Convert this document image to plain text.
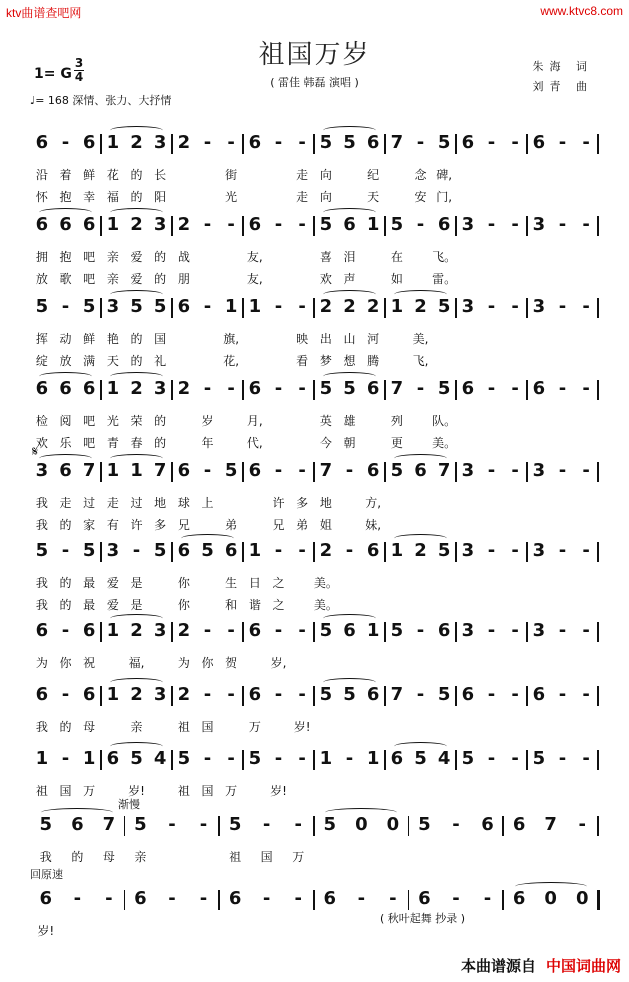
ktv曲谱查吧网	www.ktvc8.com
祖国万岁
( 雷佳 韩磊 演唱 )
朱海 词
刘青 曲
1= G
3
4
♩= 168 深情、张力、大抒情
𝄋
渐慢
回原速
( 秋叶起舞 抄录 )
本曲谱源自 中国词曲网
6 - 6 1 2 3 2 - - 6 - - 5 5 6 7 - 5 6 - - 6 - -
沿 着 鲜 花 的 长	街	走 向	纪	念 碑,
怀 抱 幸 福 的 阳	光	走 向	天	安 门,
6 6 6 1 2 3 2 - - 6 - - 5 6 1 5 - 6 3 - - 3 - -
拥 抱 吧 亲 爱 的 战	友,	喜 泪	在 飞。
放 歌 吧 亲 爱 的 朋	友,	欢 声	如 雷。
5 - 5 3 5 5 6 - 1 1 - - 2 2 2 1 2 5 3 - - 3 - -
挥 动 鲜 艳 的 国	旗,	映 出 山 河	美,
绽 放 满 天 的 礼	花,	看 梦 想 腾	飞,
6 6 6 1 2 3 2 - - 6 - - 5 5 6 7 - 5 6 - - 6 - -
检 阅 吧 光 荣 的	岁	月,	英 雄	列 队。
欢 乐 吧 青 春 的	年	代,	今 朝	更 美。
3 6 7 1 1 7 6 - 5 6 - - 7 - 6 5 6 7 3 - - 3 - -
我 走 过 走 过 地 球 上	许 多 地	方,
我 的 家 有 许 多 兄	弟	兄 弟 姐	妹,
5 - 5 3 - 5 6 5 6 1 - - 2 - 6 1 2 5 3 - - 3 - -
我 的 最 爱 是	你	生 日 之 美。
我 的 最 爱 是	你	和 谐 之 美。
6 - 6 1 2 3 2 - - 6 - - 5 6 1 5 - 6 3 - - 3 - -
为 你 祝	福,	为 你 贺	岁,
6 - 6 1 2 3 2 - - 6 - - 5 5 6 7 - 5 6 - - 6 - -
我 的 母	亲	祖 国	万	岁!
1 - 1 6 5 4 5 - - 5 - - 1 - 1 6 5 4 5 - - 5 - -
祖 国 万	岁!	祖 国 万	岁!
5 6 7 5 - - 5 - - 5 0 0 5 - 6 6 7 -
我 的 母 亲	祖 国 万
6 - - 6 - - 6 - - 6 - - 6 - - 6 0 0
岁!
